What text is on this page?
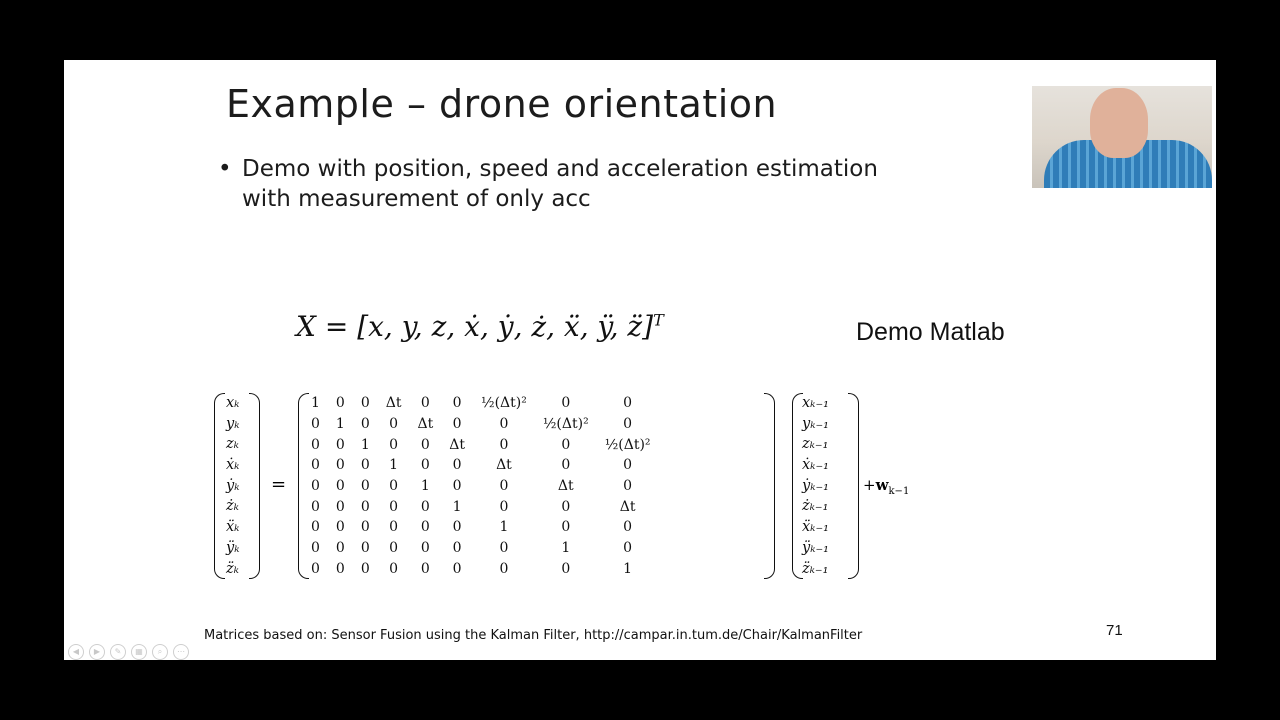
Example – drone orientation
• Demo with position, speed and acceleration estimation
with measurement of only acc
X = [x, y, z, ẋ, ẏ, ż, ẍ, ÿ, z̈]$^T$	Demo Matlab
xₖ
yₖ
zₖ
ẋₖ
ẏₖ
żₖ
ẍₖ
ÿₖ
z̈ₖ
=
1	0	0	Δt	0	0	½(Δt)²	0	0
0	1	0	0	Δt	0	0	½(Δt)²	0
0	0	1	0	0	Δt	0	0	½(Δt)²
0	0	0	1	0	0	Δt	0	0
0	0	0	0	1	0	0	Δt	0
0	0	0	0	0	1	0	0	Δt
0	0	0	0	0	0	1	0	0
0	0	0	0	0	0	0	1	0
0	0	0	0	0	0	0	0	1
xₖ₋₁
yₖ₋₁
zₖ₋₁
ẋₖ₋₁
ẏₖ₋₁
żₖ₋₁
ẍₖ₋₁
ÿₖ₋₁
z̈ₖ₋₁
$+w_{k-1}$
Matrices based on: Sensor Fusion using the Kalman Filter, http://campar.in.tum.de/Chair/KalmanFilter	71
◀	▶	✎	▦	⌕	⋯
